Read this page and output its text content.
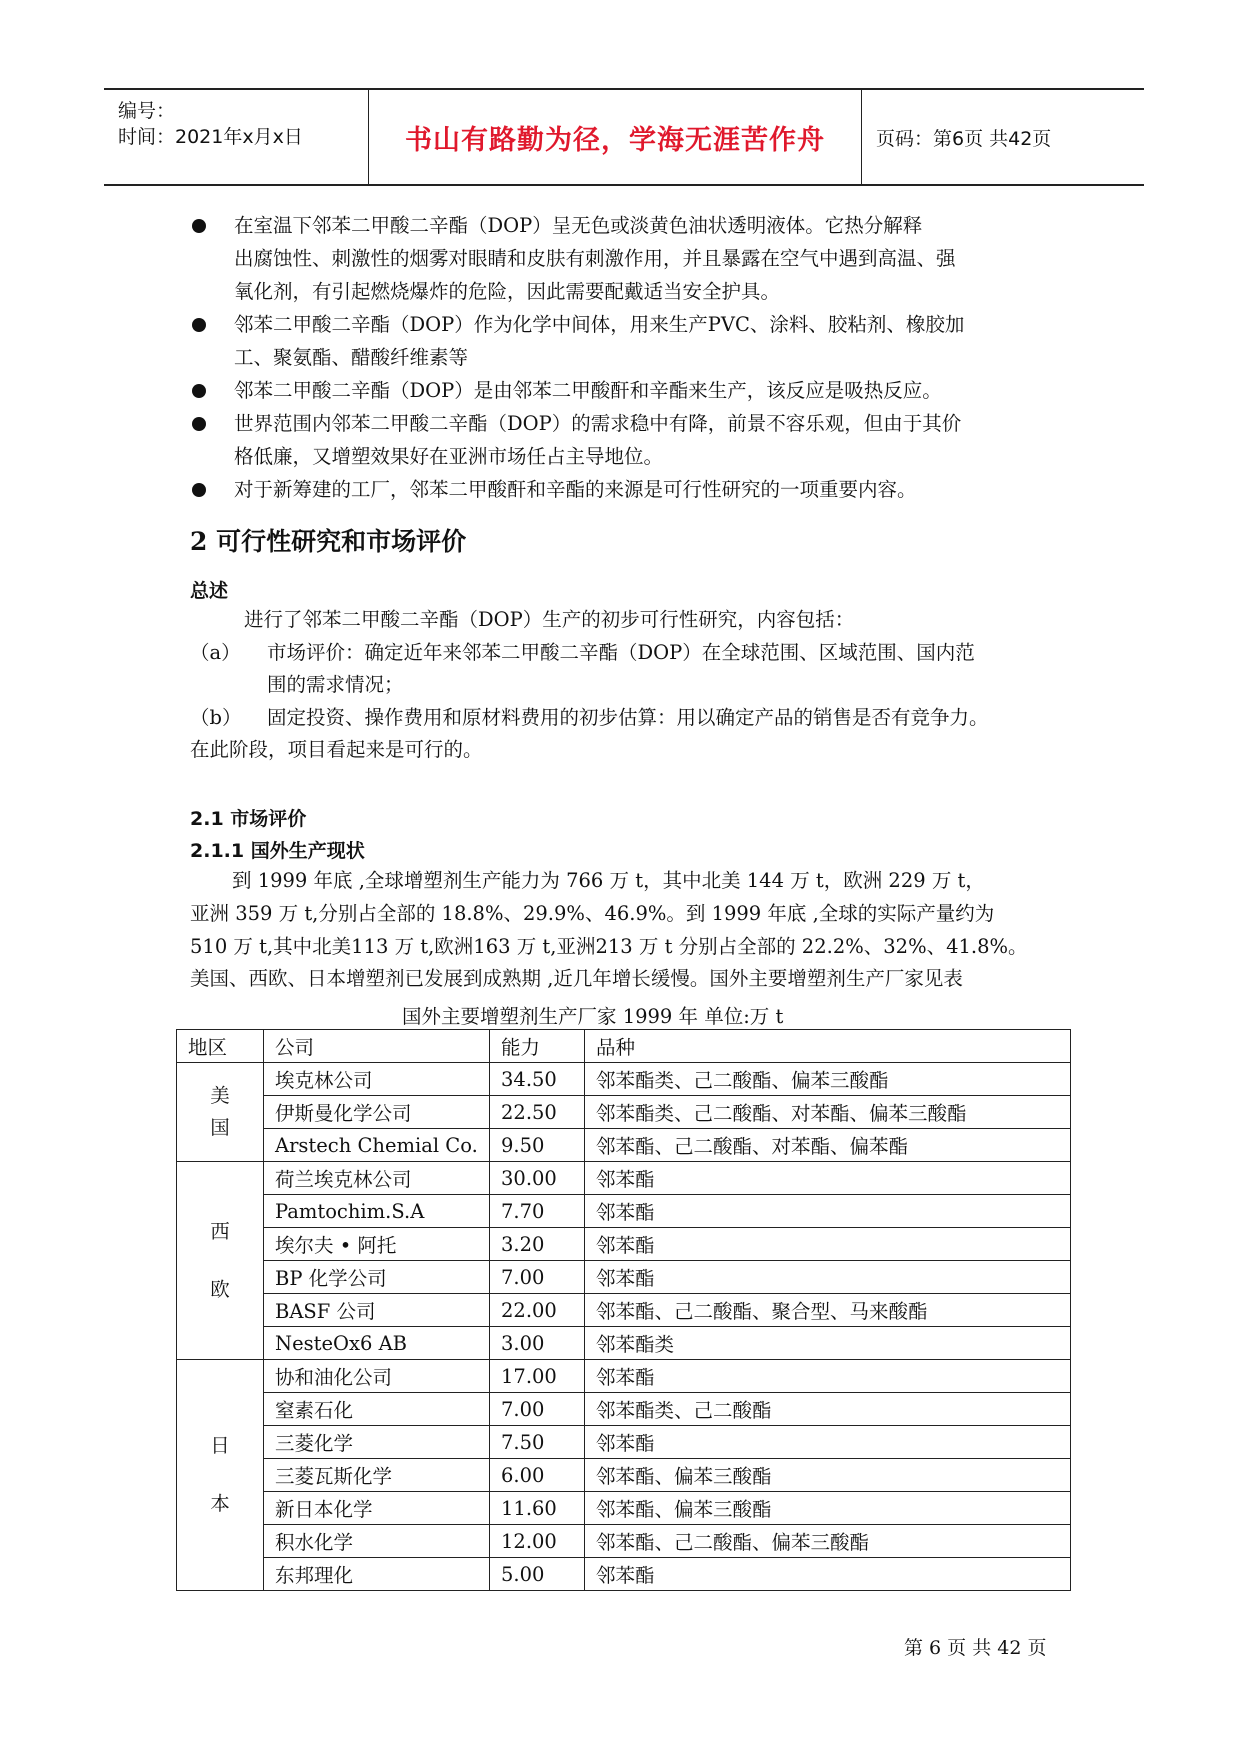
编号：
时间：2021年x月x日	书山有路勤为径，学海无涯苦作舟	页码：第6页 共42页
在室温下邻苯二甲酸二辛酯（DOP）呈无色或淡黄色油状透明液体。它热分解释
出腐蚀性、刺激性的烟雾对眼睛和皮肤有刺激作用，并且暴露在空气中遇到高温、强
氧化剂，有引起燃烧爆炸的危险，因此需要配戴适当安全护具。
邻苯二甲酸二辛酯（DOP）作为化学中间体，用来生产PVC、涂料、胶粘剂、橡胶加
工、聚氨酯、醋酸纤维素等
邻苯二甲酸二辛酯（DOP）是由邻苯二甲酸酐和辛酯来生产，该反应是吸热反应。
世界范围内邻苯二甲酸二辛酯（DOP）的需求稳中有降，前景不容乐观，但由于其价
格低廉，又增塑效果好在亚洲市场任占主导地位。
对于新筹建的工厂，邻苯二甲酸酐和辛酯的来源是可行性研究的一项重要内容。
2 可行性研究和市场评价
总述
进行了邻苯二甲酸二辛酯（DOP）生产的初步可行性研究，内容包括：
（a） 市场评价：确定近年来邻苯二甲酸二辛酯（DOP）在全球范围、区域范围、国内范
围的需求情况；
（b） 固定投资、操作费用和原材料费用的初步估算：用以确定产品的销售是否有竞争力。
在此阶段，项目看起来是可行的。
2.1 市场评价
2.1.1 国外生产现状
到 1999 年底 ,全球增塑剂生产能力为 766 万 t，其中北美 144 万 t，欧洲 229 万 t，
亚洲 359 万 t,分别占全部的 18.8%、29.9%、46.9%。到 1999 年底 ,全球的实际产量约为
510 万 t,其中北美113 万 t,欧洲163 万 t,亚洲213 万 t 分别占全部的 22.2%、32%、41.8%。
美国、西欧、日本增塑剂已发展到成熟期 ,近几年增长缓慢。国外主要增塑剂生产厂家见表
国外主要增塑剂生产厂家 1999 年 单位:万 t
地区	公司	能力	品种

美
国	埃克林公司	34.50	邻苯酯类、己二酸酯、偏苯三酸酯
	伊斯曼化学公司	22.50	邻苯酯类、己二酸酯、对苯酯、偏苯三酸酯
	Arstech Chemial Co.	9.50	邻苯酯、己二酸酯、对苯酯、偏苯酯

西
欧	荷兰埃克林公司	30.00	邻苯酯
	Pamtochim.S.A	7.70	邻苯酯
	埃尔夫 • 阿托	3.20	邻苯酯
	BP 化学公司	7.00	邻苯酯
	BASF 公司	22.00	邻苯酯、己二酸酯、聚合型、马来酸酯
	NesteOx6 AB	3.00	邻苯酯类

日
本	协和油化公司	17.00	邻苯酯
	窒素石化	7.00	邻苯酯类、己二酸酯
	三菱化学	7.50	邻苯酯
	三菱瓦斯化学	6.00	邻苯酯、偏苯三酸酯
	新日本化学	11.60	邻苯酯、偏苯三酸酯
	积水化学	12.00	邻苯酯、己二酸酯、偏苯三酸酯
	东邦理化	5.00	邻苯酯
第 6 页 共 42 页
